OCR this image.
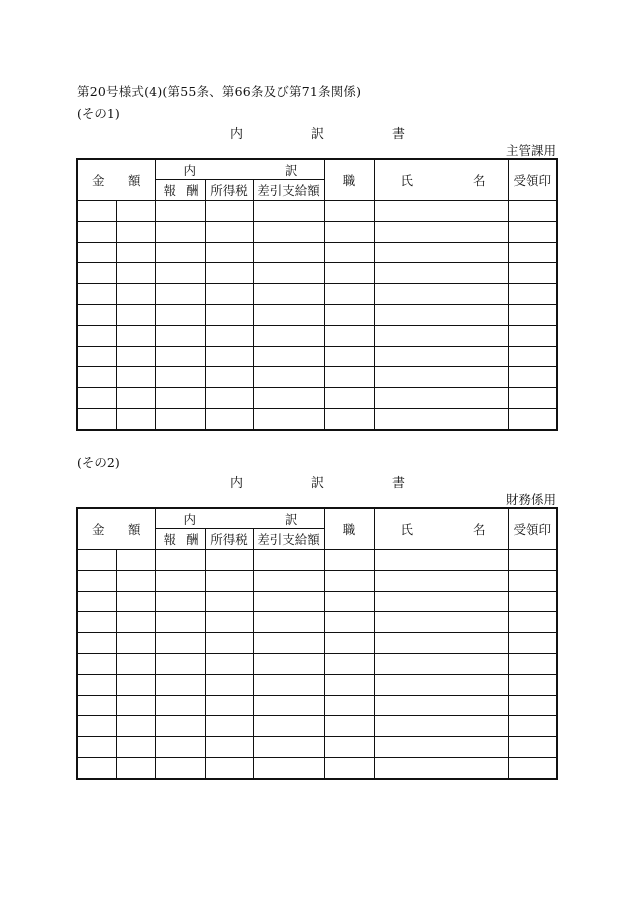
第20号様式(4)(第55条、第66条及び第71条関係)
(その1)
内	訳	書
主管課用
金 額		内 訳			職	氏 名	受領印

		報 酬	所得税	差引支給額			

(その2)
内	訳	書
財務係用
金 額		内 訳			職	氏 名	受領印

		報 酬	所得税	差引支給額			
